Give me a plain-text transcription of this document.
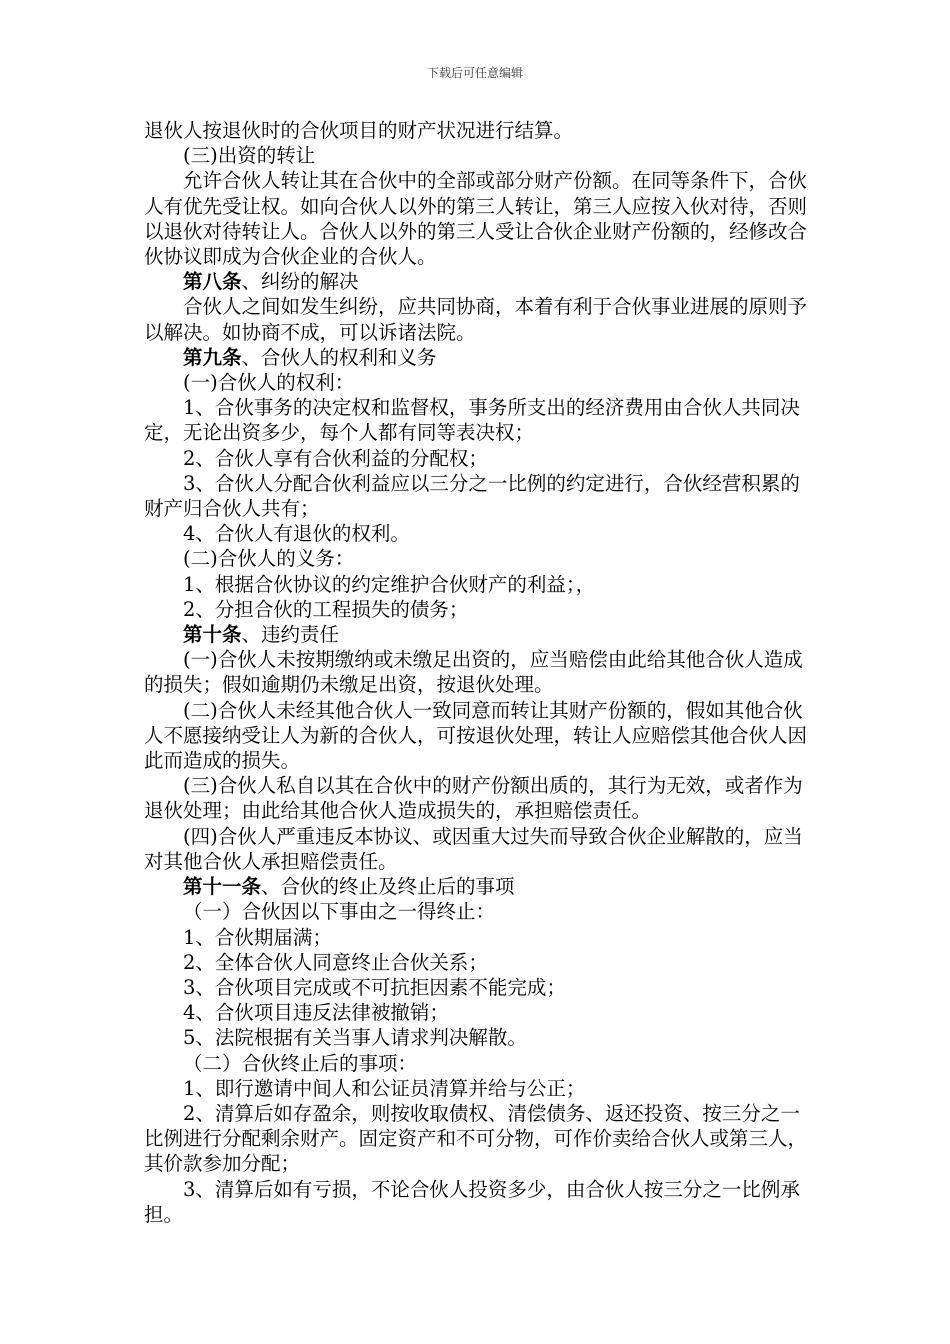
下载后可任意编辑
退伙人按退伙时的合伙项目的财产状况进行结算。
(三)出资的转让
允许合伙人转让其在合伙中的全部或部分财产份额。在同等条件下，合伙人有优先受让权。如向合伙人以外的第三人转让，第三人应按入伙对待，否则以退伙对待转让人。合伙人以外的第三人受让合伙企业财产份额的，经修改合伙协议即成为合伙企业的合伙人。
第八条、纠纷的解决
合伙人之间如发生纠纷，应共同协商，本着有利于合伙事业进展的原则予以解决。如协商不成，可以诉诸法院。
第九条、合伙人的权利和义务
(一)合伙人的权利：
1、合伙事务的决定权和监督权，事务所支出的经济费用由合伙人共同决定，无论出资多少，每个人都有同等表决权；
2、合伙人享有合伙利益的分配权；
3、合伙人分配合伙利益应以三分之一比例的约定进行，合伙经营积累的财产归合伙人共有；
4、合伙人有退伙的权利。
(二)合伙人的义务：
1、根据合伙协议的约定维护合伙财产的利益；，
2、分担合伙的工程损失的债务；
第十条、违约责任
(一)合伙人未按期缴纳或未缴足出资的，应当赔偿由此给其他合伙人造成的损失；假如逾期仍未缴足出资，按退伙处理。
(二)合伙人未经其他合伙人一致同意而转让其财产份额的，假如其他合伙人不愿接纳受让人为新的合伙人，可按退伙处理，转让人应赔偿其他合伙人因此而造成的损失。
(三)合伙人私自以其在合伙中的财产份额出质的，其行为无效，或者作为退伙处理；由此给其他合伙人造成损失的，承担赔偿责任。
(四)合伙人严重违反本协议、或因重大过失而导致合伙企业解散的，应当对其他合伙人承担赔偿责任。
第十一条、合伙的终止及终止后的事项
（一）合伙因以下事由之一得终止：
1、合伙期届满；
2、全体合伙人同意终止合伙关系；
3、合伙项目完成或不可抗拒因素不能完成；
4、合伙项目违反法律被撤销；
5、法院根据有关当事人请求判决解散。
（二）合伙终止后的事项：
1、即行邀请中间人和公证员清算并给与公正；
2、清算后如存盈余，则按收取债权、清偿债务、返还投资、按三分之一比例进行分配剩余财产。固定资产和不可分物，可作价卖给合伙人或第三人，其价款参加分配；
3、清算后如有亏损，不论合伙人投资多少，由合伙人按三分之一比例承担。
